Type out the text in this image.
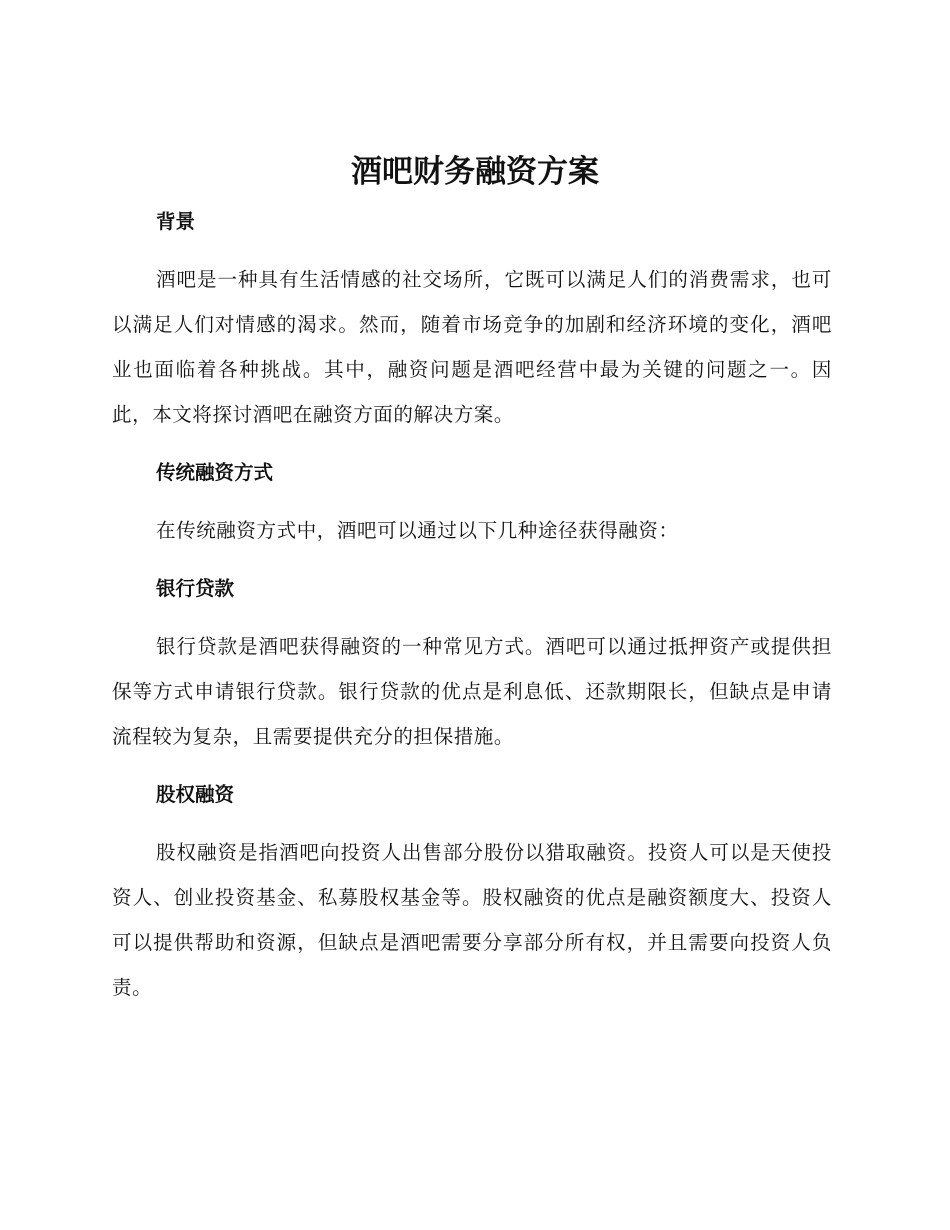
酒吧财务融资方案
背景

酒吧是一种具有生活情感的社交场所，它既可以满足人们的消费需求，也可以满足人们对情感的渴求。然而，随着市场竞争的加剧和经济环境的变化，酒吧业也面临着各种挑战。其中，融资问题是酒吧经营中最为关键的问题之一。因此，本文将探讨酒吧在融资方面的解决方案。

传统融资方式

在传统融资方式中，酒吧可以通过以下几种途径获得融资：

银行贷款

银行贷款是酒吧获得融资的一种常见方式。酒吧可以通过抵押资产或提供担保等方式申请银行贷款。银行贷款的优点是利息低、还款期限长，但缺点是申请流程较为复杂，且需要提供充分的担保措施。

股权融资

股权融资是指酒吧向投资人出售部分股份以猎取融资。投资人可以是天使投资人、创业投资基金、私募股权基金等。股权融资的优点是融资额度大、投资人可以提供帮助和资源，但缺点是酒吧需要分享部分所有权，并且需要向投资人负责。
